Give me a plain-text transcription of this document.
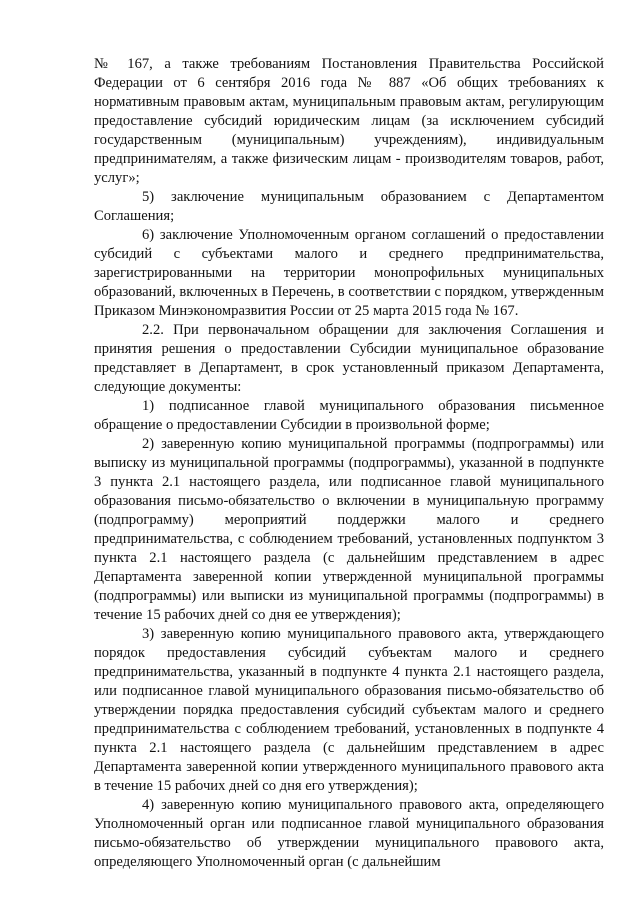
№ 167, а также требованиям Постановления Правительства Российской Федерации от 6 сентября 2016 года № 887 «Об общих требованиях к нормативным правовым актам, муниципальным правовым актам, регулирующим предоставление субсидий юридическим лицам (за исключением субсидий государственным (муниципальным) учреждениям), индивидуальным предпринимателям, а также физическим лицам - производителям товаров, работ, услуг»;

5) заключение муниципальным образованием с Департаментом Соглашения;

6) заключение Уполномоченным органом соглашений о предоставлении субсидий с субъектами малого и среднего предпринимательства, зарегистрированными на территории монопрофильных муниципальных образований, включенных в Перечень, в соответствии с порядком, утвержденным Приказом Минэкономразвития России от 25 марта 2015 года № 167.

2.2. При первоначальном обращении для заключения Соглашения и принятия решения о предоставлении Субсидии муниципальное образование представляет в Департамент, в срок установленный приказом Департамента, следующие документы:

1) подписанное главой муниципального образования письменное обращение о предоставлении Субсидии в произвольной форме;

2) заверенную копию муниципальной программы (подпрограммы) или выписку из муниципальной программы (подпрограммы), указанной в подпункте 3 пункта 2.1 настоящего раздела, или подписанное главой муниципального образования письмо-обязательство о включении в муниципальную программу (подпрограмму) мероприятий поддержки малого и среднего предпринимательства, с соблюдением требований, установленных подпунктом 3 пункта 2.1 настоящего раздела (с дальнейшим представлением в адрес Департамента заверенной копии утвержденной муниципальной программы (подпрограммы) или выписки из муниципальной программы (подпрограммы) в течение 15 рабочих дней со дня ее утверждения);

3) заверенную копию муниципального правового акта, утверждающего порядок предоставления субсидий субъектам малого и среднего предпринимательства, указанный в подпункте 4 пункта 2.1 настоящего раздела, или подписанное главой муниципального образования письмо-обязательство об утверждении порядка предоставления субсидий субъектам малого и среднего предпринимательства с соблюдением требований, установленных в подпункте 4 пункта 2.1 настоящего раздела (с дальнейшим представлением в адрес Департамента заверенной копии утвержденного муниципального правового акта в течение 15 рабочих дней со дня его утверждения);

4) заверенную копию муниципального правового акта, определяющего Уполномоченный орган или подписанное главой муниципального образования письмо-обязательство об утверждении муниципального правового акта, определяющего Уполномоченный орган (с дальнейшим
